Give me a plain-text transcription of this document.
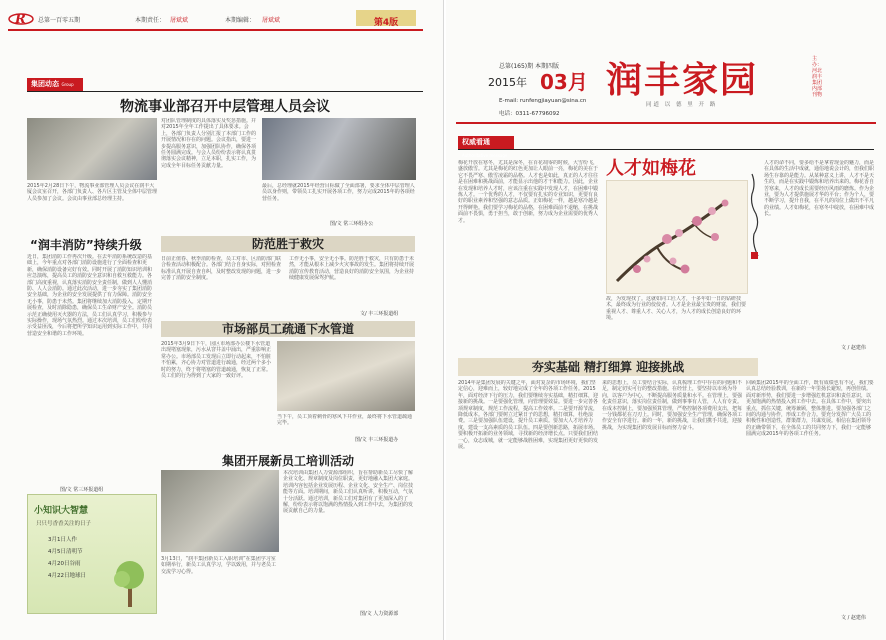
R 总第一百零五期	本期责任： 屠斌斌	本期编辑： 屠斌斌	第4版
集团动态 Group dynamics
物流事业部召开中层管理人员会议
2015年2月28日下午，物流事业部管理人员会议在润丰大厦会议室召开，各部门负责人、各片区主管及全体中层管理人员参加了会议。会议由事业部总经理主持。
对团队管理制度的具体落实及奖惩措施。并对2015年全年工作提出了具体要求。会上，各部门负责人分别汇报了本部门工作的开展情况和存在的问题。会议指出，要进一步提高服务意识，加强团队协作，确保各项任务圆满完成。与会人员纷纷表示将认真贯彻落实会议精神，立足本职，扎实工作，为完成全年目标任务贡献力量。
最后，总经理就2015年经营目标做了全面部署，要求全体中层管理人员以身作则，带领员工扎实开展各项工作，努力完成2015年的各项经营任务。
图/文 常三环组办公
“润丰消防”持续升级
近日，集团消防工作再次升级。在去年消防系统改造的基础上，今年重点对各部门消防设施进行了全面检查和更新，确保消防设备完好有效。同时开展了消防知识培训和应急演练，提高员工的消防安全意识和自救互救能力。各部门高度重视，认真落实消防安全责任制，做到人人懂消防、人人会消防。通过此次活动，进一步夯实了集团消防安全基础，为企业的安全发展提供了有力保障。消防安全无小事，防患于未然。集团将继续加大消防投入，定期开展检查，及时消除隐患，确保员工生命财产安全。消防员示范正确使用灭火器的方法，员工们认真学习，积极参与实际操作，现场气氛热烈。通过本次培训，员工们纷纷表示受益匪浅，今后将把所学知识运用到实际工作中，共同营造安全和谐的工作环境。
图/文 常三环报道组
防范胜于救灾
日前正值春、秋季消防检查，员工对市、区消防部门联合检查活动积极配合。各部门结合自身实际，对照检查标准认真开展自查自纠，及时整改发现的问题，进一步完善了消防安全制度。
工作无小事，安全无小事。防范胜于救灾，只有防患于未然，才能从根本上减少火灾事故的发生。集团将持续开展消防宣传教育活动，营造良好的消防安全氛围，为企业持续健康发展保驾护航。
文/ 丰三环报道组
市场部员工疏通下水管道
2015年3月9日下午，园区市场部办公楼下水管道出现堵塞现象，污水从窨井盖中涌出，严重影响正常办公。市场部员工发现后立即行动起来，不怕脏不怕累，齐心协力对管道进行疏通，经过两个多小时的努力，终于将堵塞的管道疏通，恢复了正常。员工们的行为得到了大家的一致好评。
当下午，员工顶着刺骨的寒风下井作业，最终将下水管道疏通完毕。
图/文 丰三环报道办
集团开展新员工培训活动
本次培训由集团人力资源部组织，旨在帮助新员工尽快了解企业文化、规章制度及岗位职责，更好地融入集团大家庭。培训内容包括企业发展历程、企业文化、安全生产、岗位技能等方面。培训期间，新员工们认真听讲，积极互动，气氛十分活跃。通过培训，新员工们对集团有了更加深入的了解，纷纷表示将以饱满的热情投入到工作中去，为集团的发展贡献自己的力量。
3月13日，“润丰集团新员工入职培训”在集团学习室如期举行，新员工认真学习，学以致用，并与老员工交流学习心得。
图/文 人力资源部
小知识大智慧
只只号香香关注的日子
3月1日人作
4月5日清明节
4月20日谷雨
4月22日地球日
总第(165)期 本期四版
2015年 03月
E-mail: runfengjiayuan@sina.cn
电话：0311-67796092
润丰家园
同道 以 德 里 开 路
主办：河北润丰集团 内部刊物
权威看通 Authoritative message
梅花开放在寒冬，尤其是深冬，在百花凋零的时候，大雪纷飞，盛放傲雪。尤其是梅花的红色更加让人眼前一亮，梅花的美在于它不畏严寒、傲雪凌霜的品格。人才也是如此，真正的人才往往是在困难和挑战面前，才能显示出他的才干和能力。因此，企业在发现和培养人才时，应该注重在实践中发现人才，在困难中锻炼人才。一个优秀的人才，不仅要有扎实的专业知识，更要有良好的职业素养和坚强的意志品质。正如梅花一样，越是寒冷越是开得鲜艳。我们要学习梅花的品格，在困难面前不退缩，在挑战面前不畏惧，勇于担当，敢于创新，努力成为企业需要的优秀人才。
人才如梅花
故，为发现找了。这就如同工匠人才，十多年如一日的钻研技术，最终成为行业的佼佼者。人才是企业最宝贵的财富，我们要重视人才、尊重人才、关心人才，为人才的成长创造良好的环境。
人才的命不同，要多给不是拿着现金的魅力，而是在具体的生活中成就，通俗地说会计的，但我们职场生存靠的是能力。从某种意义上讲，人才不是天生的，而是在实践中锻炼和培养出来的。梅花香自苦寒来，人才的成长需要经历风雨的磨炼。作为企业，要为人才提供施展才华的平台；作为个人，要不断学习，提升自我，在平凡的岗位上做出不平凡的业绩。人才如梅花，在寒冬中绽放，在困难中成长。
文 / 赵建伟
夯实基础 精打细算 迎接挑战
2014年是集团发展的关键之年，面对复杂的市场环境，我们坚定信心，迎难而上，较好地完成了全年的各项工作任务。2015年，面对经济下行的压力，我们要继续夯实基础，精打细算，迎接新的挑战。一是要强化管理，向管理要效益。要进一步完善各项规章制度，规范工作流程，提高工作效率。二是要开源节流，降低成本。各部门要树立过紧日子的思想，精打细算，杜绝浪费。三是要加强队伍建设，提升员工素质。要加大人才培养力度，建设一支高素质的员工队伍。四是要创新思路，拓展市场。要积极开拓新的业务领域，寻找新的经济增长点。只要我们团结一心，众志成城，就一定能够战胜困难，实现集团更好更快的发展。
来的思想上，员工要结合实际，认真梳理工作中存在的问题和不足，制定切实可行的整改措施。在经营上，要坚持以市场为导向，以客户为中心，不断提高服务质量和水平。在管理上，要强化责任意识，落实岗位责任制，做到事事有人管，人人有专责。在成本控制上，要加强预算管理，严格控制各项费用支出，把每一分钱都花在刀刃上。同时，要加强安全生产管理，确保各项工作安全有序进行。新的一年，新的挑战，让我们携手共进，迎接挑战，为实现集团的发展目标而努力奋斗。
回顾集团2015年的全面工作，既有成绩也有不足，我们要认真总结经验教训，在新的一年里扬长避短，再创佳绩。面对新形势，我们要进一步增强危机意识和责任意识，以更加饱满的热情投入到工作中去。在具体工作中，要突出重点，抓住关键，统筹兼顾，整体推进。要加强各部门之间的沟通与协作，形成工作合力。要充分发挥广大员工的积极性和创造性，群策群力，共谋发展。相信在集团领导的正确带领下，在全体员工的共同努力下，我们一定能够圆满完成2015年的各项工作任务。
文 / 赵建伟
